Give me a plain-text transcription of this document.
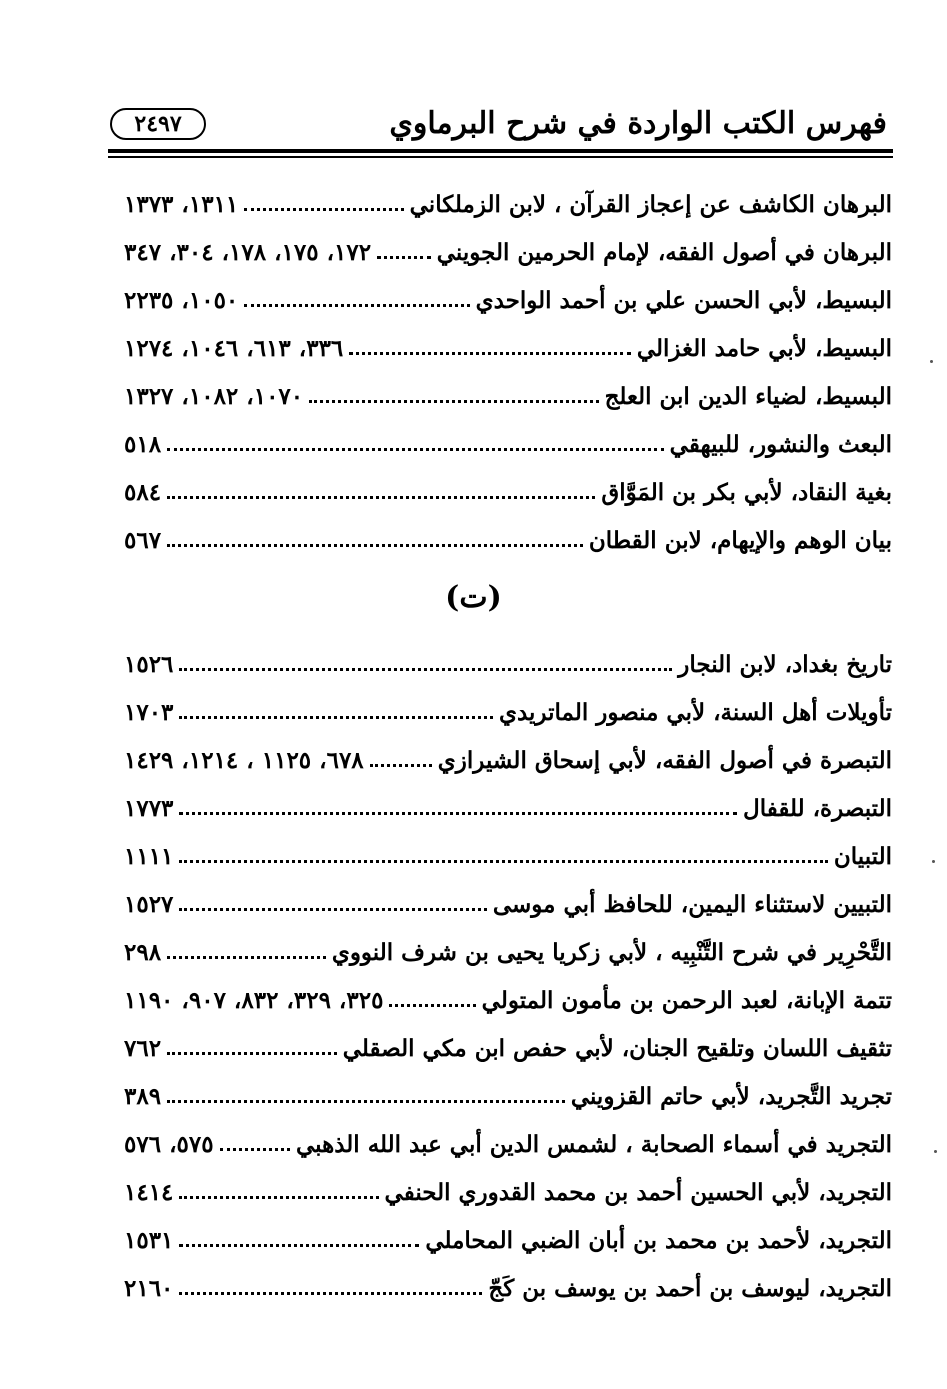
فهرس الكتب الواردة في شرح البرماوي
٢٤٩٧
البرهان الكاشف عن إعجاز القرآن ، لابن الزملكاني
١٣١١، ١٣٧٣
البرهان في أصول الفقه، لإمام الحرمين الجويني
١٧٢، ١٧٥، ١٧٨، ٣٠٤، ٣٤٧
البسيط، لأبي الحسن علي بن أحمد الواحدي
١٠٥٠، ٢٢٣٥
البسيط، لأبي حامد الغزالي
٣٣٦، ٦١٣، ١٠٤٦، ١٢٧٤
البسيط، لضياء الدين ابن العلج
١٠٧٠، ١٠٨٢، ١٣٢٧
البعث والنشور، للبيهقي
٥١٨
بغية النقاد، لأبي بكر بن المَوَّاق
٥٨٤
بيان الوهم والإيهام، لابن القطان
٥٦٧
(ت)
تاريخ بغداد، لابن النجار
١٥٢٦
تأويلات أهل السنة، لأبي منصور الماتريدي
١٧٠٣
التبصرة في أصول الفقه، لأبي إسحاق الشيرازي
٦٧٨، ١١٢٥ ، ١٢١٤، ١٤٢٩
التبصرة، للقفال
١٧٧٣
التبيان
١١١١
التبيين لاستثناء اليمين، للحافظ أبي موسى
١٥٢٧
التَّحْرِير في شرح التَّنْبِيه ، لأبي زكريا يحيى بن شرف النووي
٢٩٨
تتمة الإبانة، لعبد الرحمن بن مأمون المتولي
٣٢٥، ٣٢٩، ٨٣٢، ٩٠٧، ١١٩٠
تثقيف اللسان وتلقيح الجنان، لأبي حفص ابن مكي الصقلي
٧٦٢
تجريد التَّجريد، لأبي حاتم القزويني
٣٨٩
التجريد في أسماء الصحابة ، لشمس الدين أبي عبد الله الذهبي
٥٧٥، ٥٧٦
التجريد، لأبي الحسين أحمد بن محمد القدوري الحنفي
١٤١٤
التجريد، لأحمد بن محمد بن أبان الضبي المحاملي
١٥٣١
التجريد، ليوسف بن أحمد بن يوسف بن كَجّ
٢١٦٠
